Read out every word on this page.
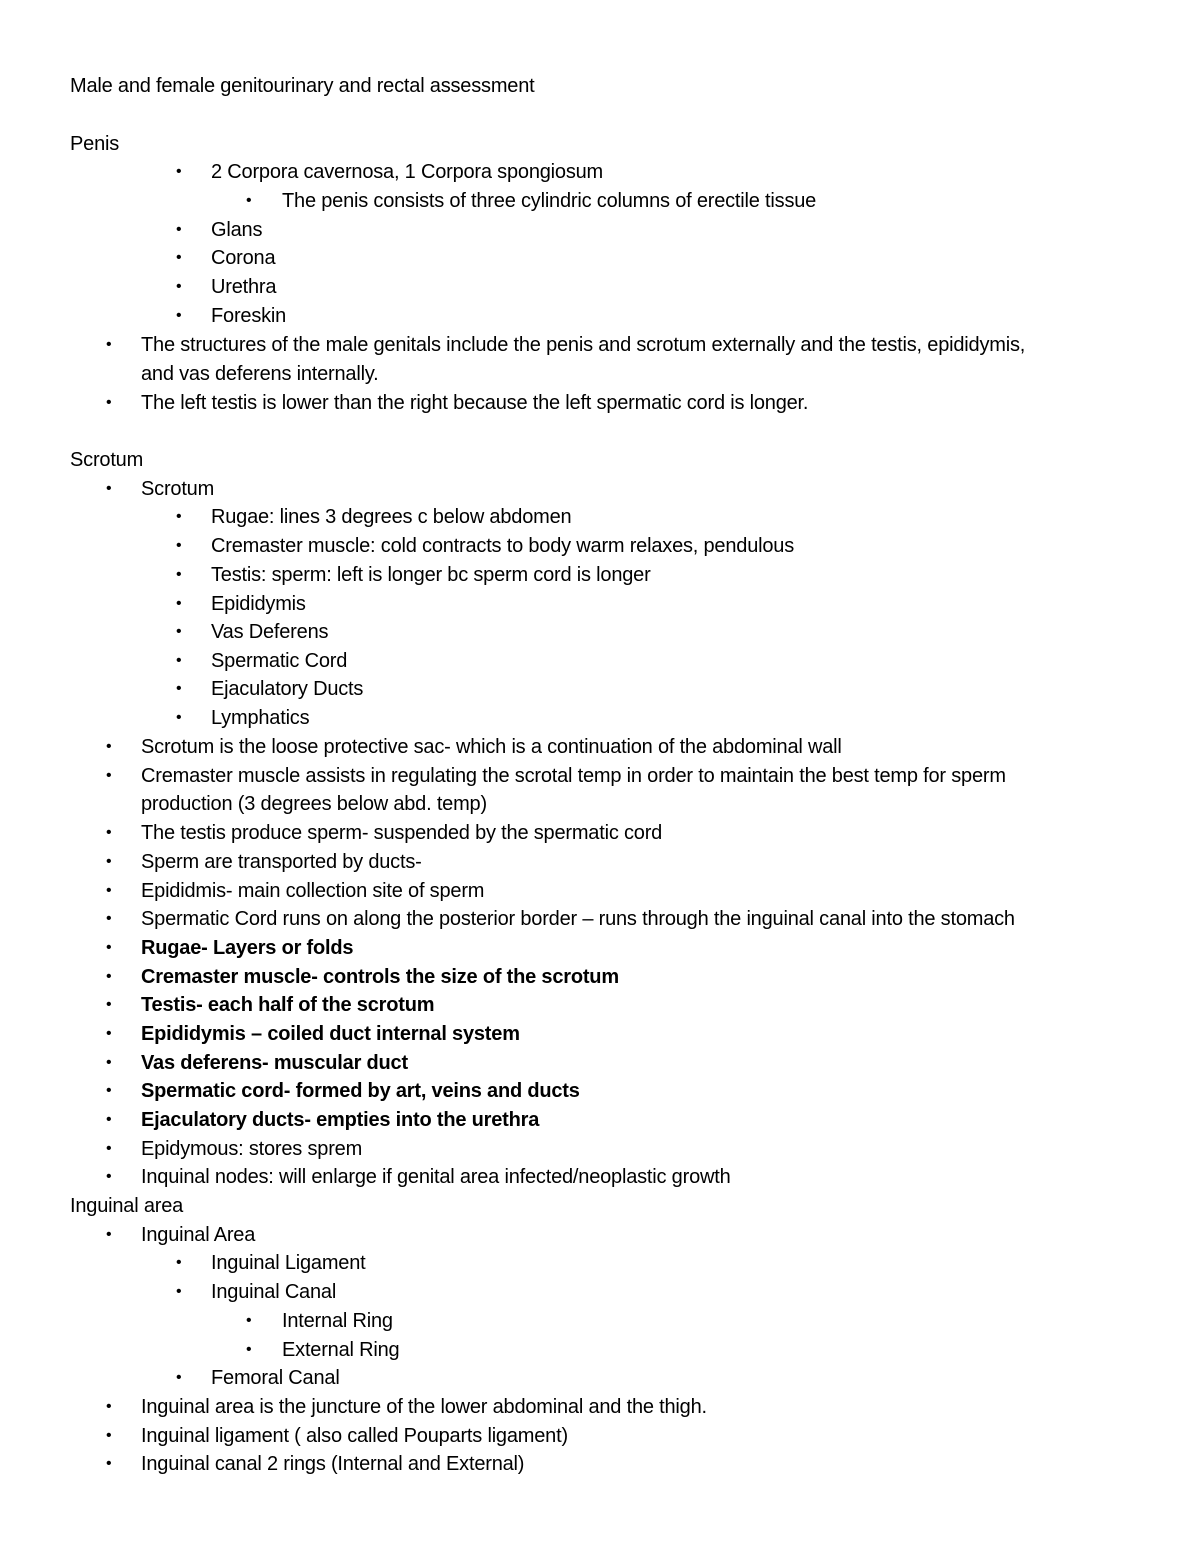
Male and female genitourinary and rectal assessment
Penis
• 2 Corpora cavernosa, 1 Corpora spongiosum
• The penis consists of three cylindric columns of erectile tissue
• Glans
• Corona
• Urethra
• Foreskin
• The structures of the male genitals include the penis and scrotum externally and the testis, epididymis,
and vas deferens internally.
• The left testis is lower than the right because the left spermatic cord is longer.
Scrotum
• Scrotum
• Rugae: lines 3 degrees c below abdomen
• Cremaster muscle: cold contracts to body warm relaxes, pendulous
• Testis: sperm: left is longer bc sperm cord is longer
• Epididymis
• Vas Deferens
• Spermatic Cord
• Ejaculatory Ducts
• Lymphatics
• Scrotum is the loose protective sac- which is a continuation of the abdominal wall
• Cremaster muscle assists in regulating the scrotal temp in order to maintain the best temp for sperm
production (3 degrees below abd. temp)
• The testis produce sperm- suspended by the spermatic cord
• Sperm are transported by ducts-
• Epididmis- main collection site of sperm
• Spermatic Cord runs on along the posterior border – runs through the inguinal canal into the stomach
• Rugae- Layers or folds
• Cremaster muscle- controls the size of the scrotum
• Testis- each half of the scrotum
• Epididymis – coiled duct internal system
• Vas deferens- muscular duct
• Spermatic cord- formed by art, veins and ducts
• Ejaculatory ducts- empties into the urethra
• Epidymous: stores sprem
• Inquinal nodes: will enlarge if genital area infected/neoplastic growth
Inguinal area
• Inguinal Area
• Inguinal Ligament
• Inguinal Canal
• Internal Ring
• External Ring
• Femoral Canal
• Inguinal area is the juncture of the lower abdominal and the thigh.
• Inguinal ligament ( also called Pouparts ligament)
• Inguinal canal 2 rings (Internal and External)
